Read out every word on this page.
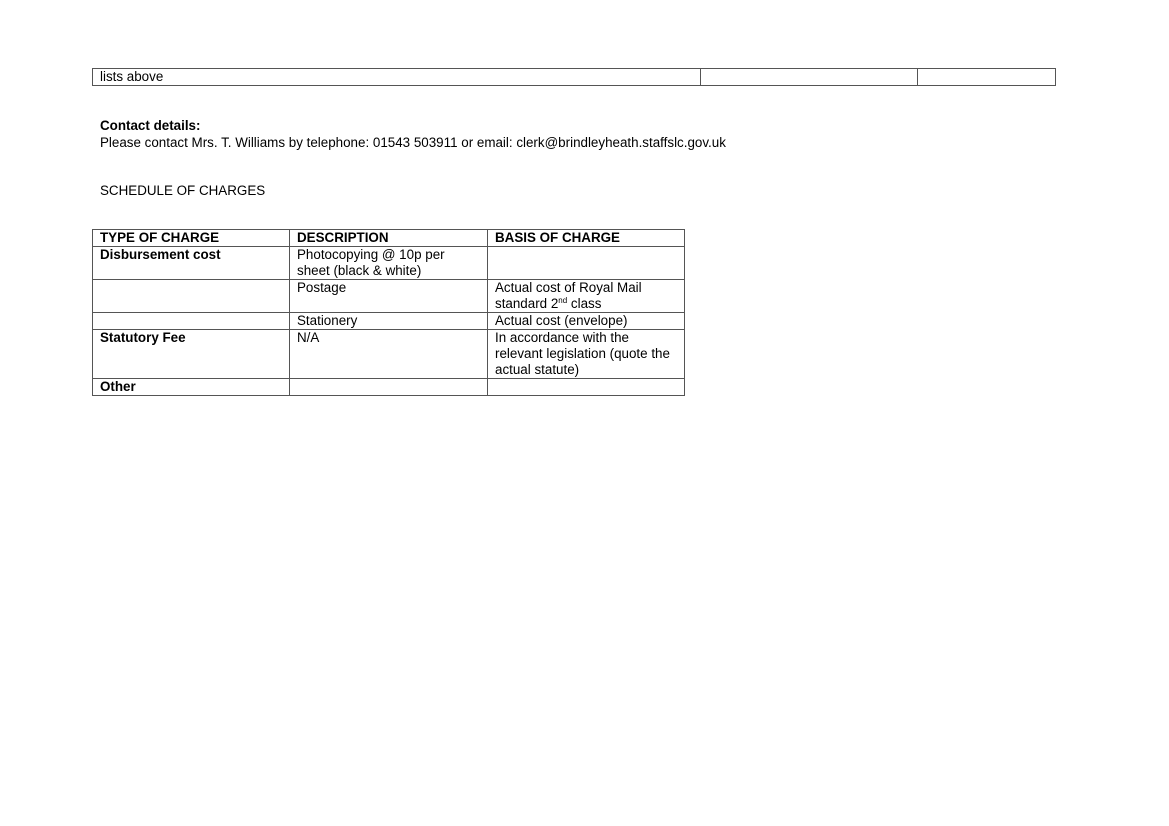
lists above		
Contact details:
Please contact Mrs. T. Williams by telephone: 01543 503911 or email: clerk@brindleyheath.staffslc.gov.uk
SCHEDULE OF CHARGES
TYPE OF CHARGE	DESCRIPTION	BASIS OF CHARGE
Disbursement cost	Photocopying @ 10p per sheet (black & white)	
	Postage	Actual cost of Royal Mail standard 2nd class
	Stationery	Actual cost (envelope)
Statutory Fee	N/A	In accordance with the relevant legislation (quote the actual statute)
Other		
